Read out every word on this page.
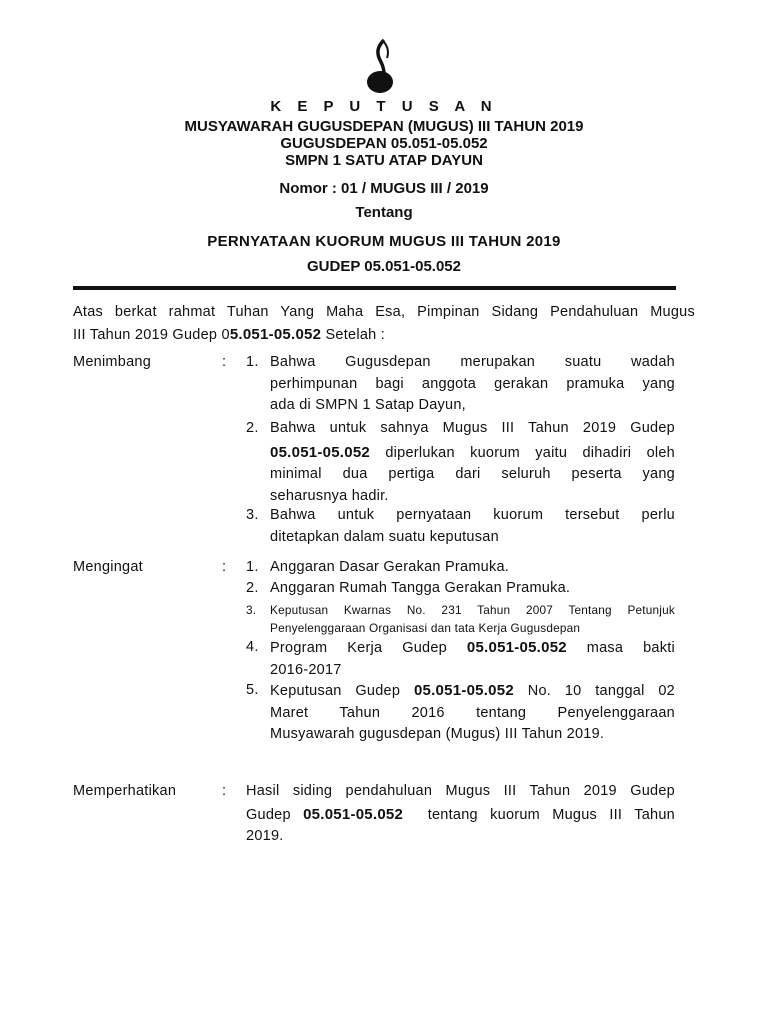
K E P U T U S A N
MUSYAWARAH GUGUSDEPAN (MUGUS) III TAHUN 2019
GUGUSDEPAN 05.051-05.052
SMPN 1 SATU ATAP DAYUN
Nomor : 01 / MUGUS III / 2019
Tentang
PERNYATAAN KUORUM MUGUS III TAHUN 2019
GUDEP 05.051-05.052
Atas berkat rahmat Tuhan Yang Maha Esa, Pimpinan Sidang Pendahuluan Mugus
III Tahun 2019 Gudep 05.051-05.052 Setelah :
Menimbang	: 1. Bahwa Gugusdepan merupakan suatu wadah
perhimpunan bagi anggota gerakan pramuka yang
ada di SMPN 1 Satap Dayun,
2. Bahwa untuk sahnya Mugus III Tahun 2019 Gudep
05.051-05.052 diperlukan kuorum yaitu dihadiri oleh
minimal dua pertiga dari seluruh peserta yang
seharusnya hadir.
3. Bahwa untuk pernyataan kuorum tersebut perlu
ditetapkan dalam suatu keputusan
Mengingat	: 1. Anggaran Dasar Gerakan Pramuka.
2. Anggaran Rumah Tangga Gerakan Pramuka.
3. Keputusan Kwarnas No. 231 Tahun 2007 Tentang Petunjuk
Penyelenggaraan Organisasi dan tata Kerja Gugusdepan
4. Program Kerja Gudep 05.051-05.052 masa bakti
2016-2017
5. Keputusan Gudep 05.051-05.052 No. 10 tanggal 02
Maret Tahun 2016 tentang Penyelenggaraan
Musyawarah gugusdepan (Mugus) III Tahun 2019.
Memperhatikan	: Hasil siding pendahuluan Mugus III Tahun 2019 Gudep
Gudep 05.051-05.052  tentang kuorum Mugus III Tahun
2019.
